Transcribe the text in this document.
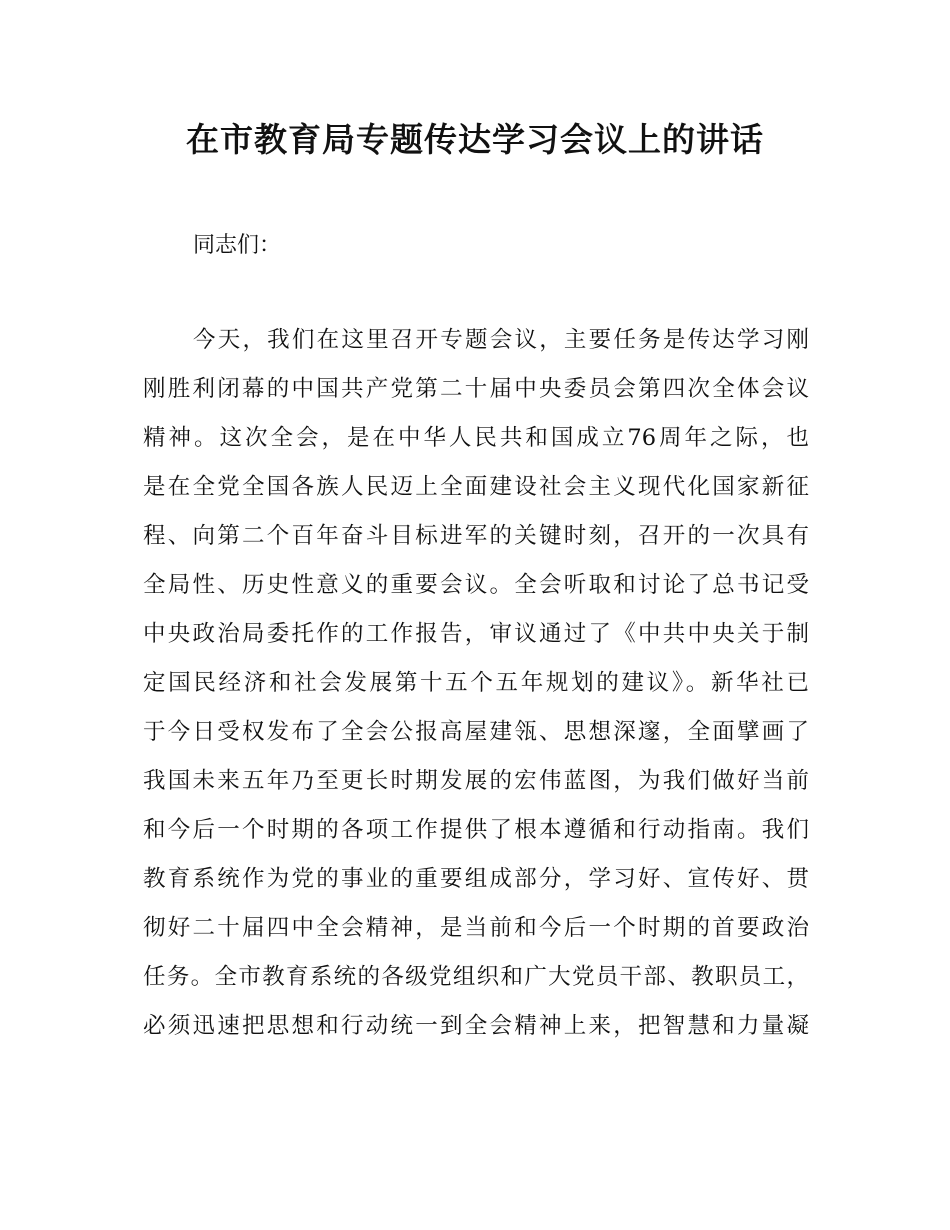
在市教育局专题传达学习会议上的讲话
同志们：
今天，我们在这里召开专题会议，主要任务是传达学习刚
刚胜利闭幕的中国共产党第二十届中央委员会第四次全体会议
精神。这次全会，是在中华人民共和国成立76周年之际，也
是在全党全国各族人民迈上全面建设社会主义现代化国家新征
程、向第二个百年奋斗目标进军的关键时刻，召开的一次具有
全局性、历史性意义的重要会议。全会听取和讨论了总书记受
中央政治局委托作的工作报告，审议通过了《中共中央关于制
定国民经济和社会发展第十五个五年规划的建议》。新华社已
于今日受权发布了全会公报高屋建瓴、思想深邃，全面擘画了
我国未来五年乃至更长时期发展的宏伟蓝图，为我们做好当前
和今后一个时期的各项工作提供了根本遵循和行动指南。我们
教育系统作为党的事业的重要组成部分，学习好、宣传好、贯
彻好二十届四中全会精神，是当前和今后一个时期的首要政治
任务。全市教育系统的各级党组织和广大党员干部、教职员工，
必须迅速把思想和行动统一到全会精神上来，把智慧和力量凝
